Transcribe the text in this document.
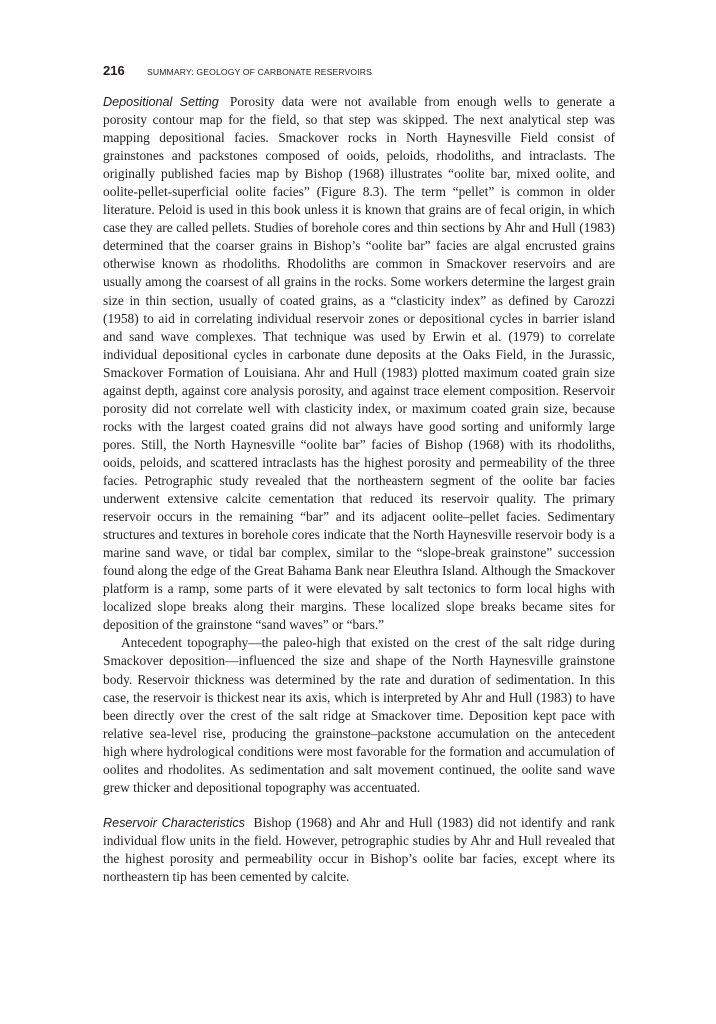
216	SUMMARY: GEOLOGY OF CARBONATE RESERVOIRS

Depositional Setting Porosity data were not available from enough wells to generate a porosity contour map for the field, so that step was skipped. The next analytical step was mapping depositional facies. Smackover rocks in North Haynesville Field consist of grainstones and packstones composed of ooids, peloids, rhodoliths, and intraclasts. The originally published facies map by Bishop (1968) illustrates “oolite bar, mixed oolite, and oolite-pellet-superficial oolite facies” (Figure 8.3). The term “pellet” is common in older literature. Peloid is used in this book unless it is known that grains are of fecal origin, in which case they are called pellets. Studies of borehole cores and thin sections by Ahr and Hull (1983) determined that the coarser grains in Bishop’s “oolite bar” facies are algal encrusted grains otherwise known as rhodoliths. Rhodoliths are common in Smackover reservoirs and are usually among the coarsest of all grains in the rocks. Some workers determine the largest grain size in thin section, usually of coated grains, as a “clasticity index” as defined by Carozzi (1958) to aid in correlating individual reservoir zones or depositional cycles in barrier island and sand wave complexes. That technique was used by Erwin et al. (1979) to correlate individual depositional cycles in carbonate dune deposits at the Oaks Field, in the Jurassic, Smackover Formation of Louisiana. Ahr and Hull (1983) plotted maximum coated grain size against depth, against core analysis porosity, and against trace element composition. Reservoir porosity did not correlate well with clasticity index, or maximum coated grain size, because rocks with the largest coated grains did not always have good sorting and uniformly large pores. Still, the North Haynesville “oolite bar” facies of Bishop (1968) with its rhodoliths, ooids, peloids, and scattered intraclasts has the highest porosity and permeability of the three facies. Petrographic study revealed that the northeastern segment of the oolite bar facies underwent extensive calcite cementation that reduced its reservoir quality. The primary reservoir occurs in the remaining “bar” and its adjacent oolite–pellet facies. Sedimentary structures and textures in borehole cores indicate that the North Haynesville reservoir body is a marine sand wave, or tidal bar complex, similar to the “slope-break grainstone” succession found along the edge of the Great Bahama Bank near Eleuthra Island. Although the Smackover platform is a ramp, some parts of it were elevated by salt tectonics to form local highs with localized slope breaks along their margins. These localized slope breaks became sites for deposition of the grainstone “sand waves” or “bars.”

Antecedent topography—the paleo-high that existed on the crest of the salt ridge during Smackover deposition—influenced the size and shape of the North Haynesville grainstone body. Reservoir thickness was determined by the rate and duration of sedimentation. In this case, the reservoir is thickest near its axis, which is interpreted by Ahr and Hull (1983) to have been directly over the crest of the salt ridge at Smackover time. Deposition kept pace with relative sea-level rise, producing the grainstone–packstone accumulation on the antecedent high where hydrological conditions were most favorable for the formation and accumulation of oolites and rhodolites. As sedimentation and salt movement continued, the oolite sand wave grew thicker and depositional topography was accentuated.

Reservoir Characteristics Bishop (1968) and Ahr and Hull (1983) did not identify and rank individual flow units in the field. However, petrographic studies by Ahr and Hull revealed that the highest porosity and permeability occur in Bishop’s oolite bar facies, except where its northeastern tip has been cemented by calcite.
